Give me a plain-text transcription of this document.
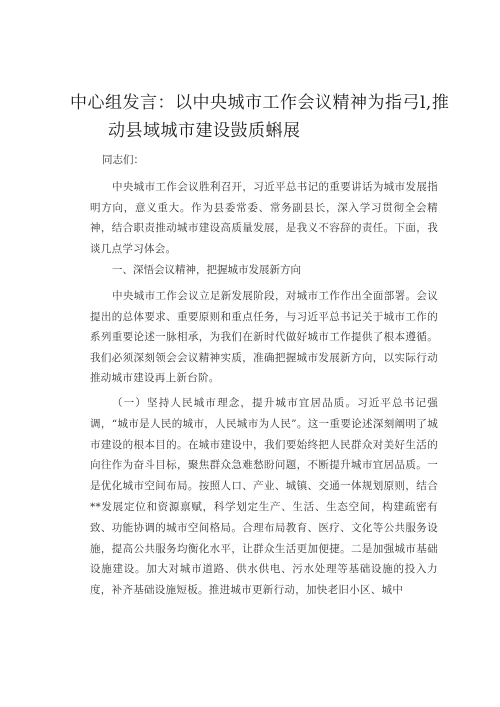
中心组发言：以中央城市工作会议精神为指弓l,推
动县域城市建设敱质蝌展
同志们：
中央城市工作会议胜利召开，习近平总书记的重要讲话为城市发展指明方向，意义重大。作为县委常委、常务副县长，深入学习贯彻全会精神，结合职责推动城市建设高质量发展，是我义不容辞的责任。下面，我谈几点学习体会。
一、深悟会议精神，把握城市发展新方向
中央城市工作会议立足新发展阶段，对城市工作作出全面部署。会议提出的总体要求、重要原则和重点任务，与习近平总书记关于城市工作的系列重要论述一脉相承，为我们在新时代做好城市工作提供了根本遵循。我们必须深刻领会会议精神实质，准确把握城市发展新方向，以实际行动推动城市建设再上新台阶。
（一）坚持人民城市理念，提升城市宜居品质。习近平总书记强调，“城市是人民的城市，人民城市为人民”。这一重要论述深刻阐明了城市建设的根本目的。在城市建设中，我们要始终把人民群众对美好生活的向往作为奋斗目标，聚焦群众急难愁盼问题，不断提升城市宜居品质。一是优化城市空间布局。按照人口、产业、城镇、交通一体规划原则，结合**发展定位和资源禀赋，科学划定生产、生活、生态空间，构建疏密有致、功能协调的城市空间格局。合理布局教育、医疗、文化等公共服务设施，提高公共服务均衡化水平，让群众生活更加便捷。二是加强城市基础设施建设。加大对城市道路、供水供电、污水处理等基础设施的投入力度，补齐基础设施短板。推进城市更新行动，加快老旧小区、城中
